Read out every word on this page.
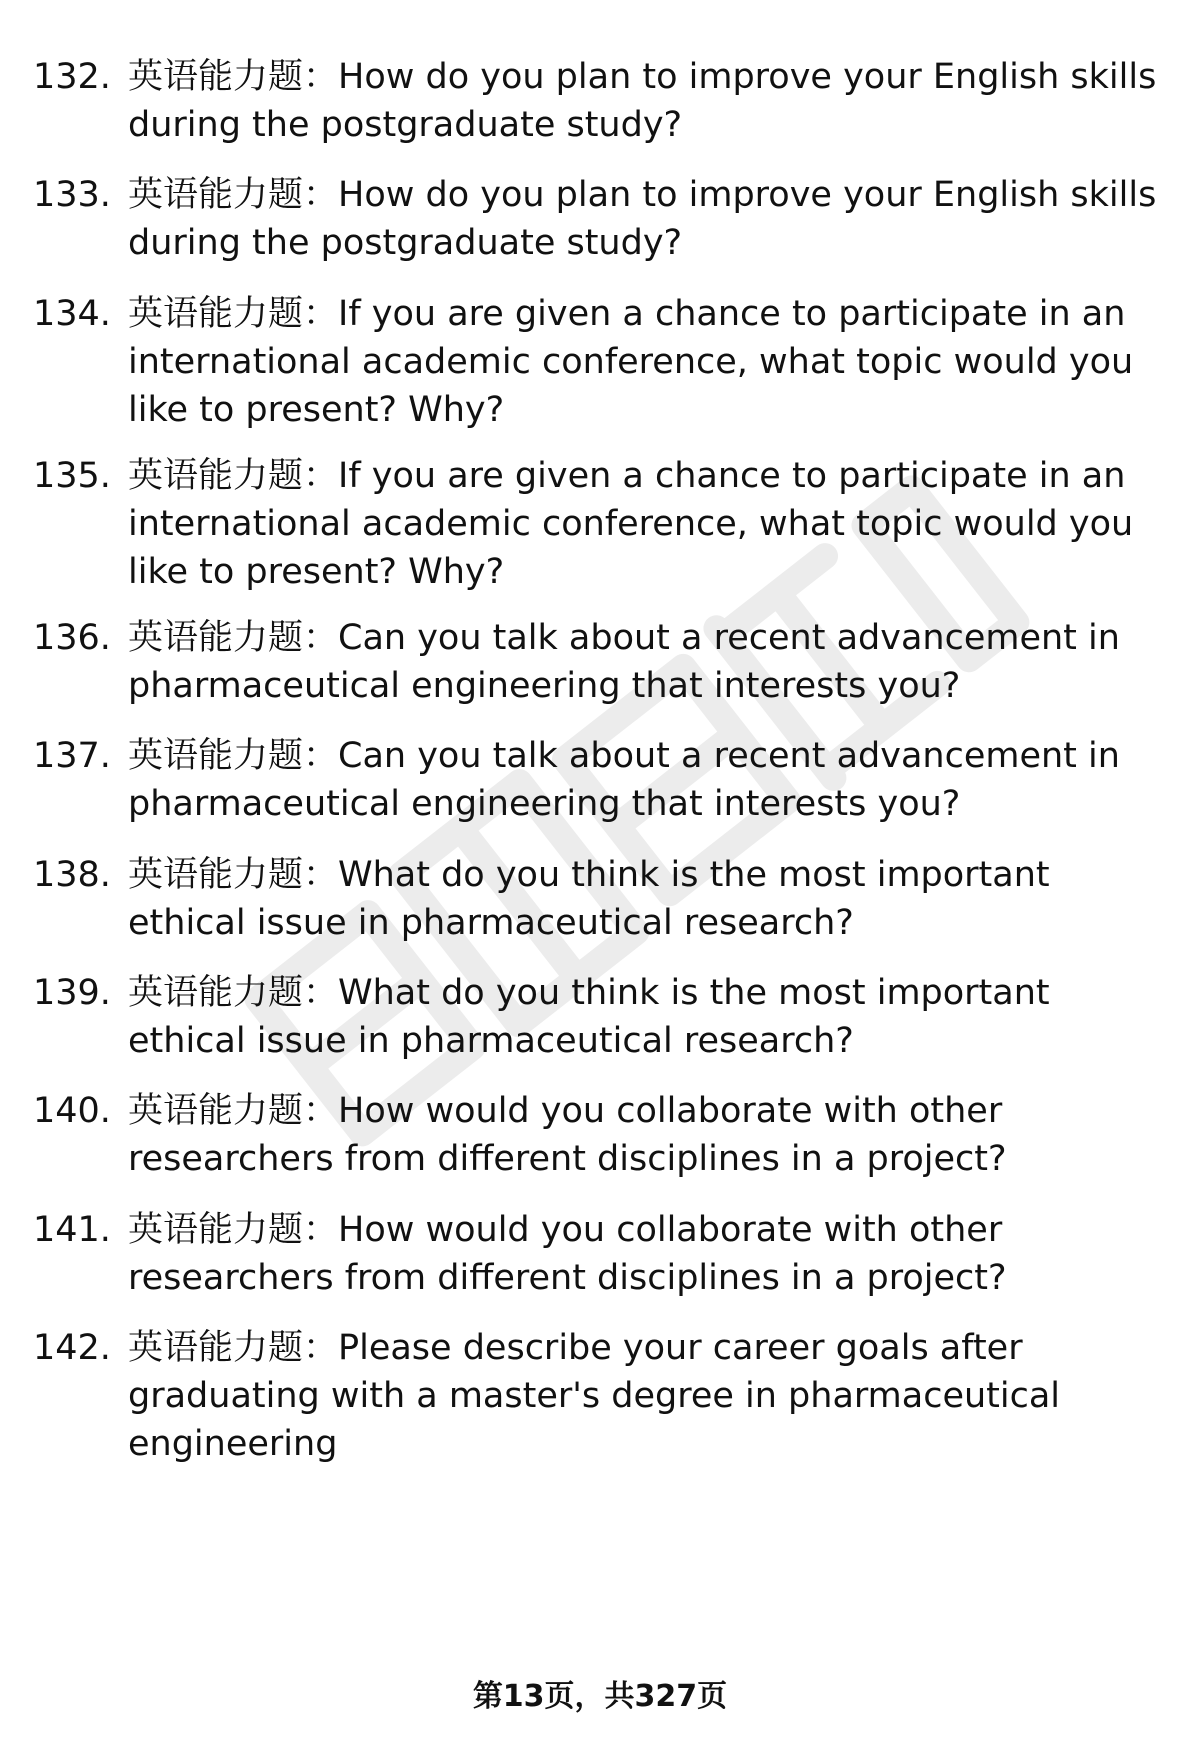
132. 英语能力题：How do you plan to improve your English skills
during the postgraduate study?
133. 英语能力题：How do you plan to improve your English skills
during the postgraduate study?
134. 英语能力题：If you are given a chance to participate in an
international academic conference, what topic would you
like to present? Why?
135. 英语能力题：If you are given a chance to participate in an
international academic conference, what topic would you
like to present? Why?
136. 英语能力题：Can you talk about a recent advancement in
pharmaceutical engineering that interests you?
137. 英语能力题：Can you talk about a recent advancement in
pharmaceutical engineering that interests you?
138. 英语能力题：What do you think is the most important
ethical issue in pharmaceutical research?
139. 英语能力题：What do you think is the most important
ethical issue in pharmaceutical research?
140. 英语能力题：How would you collaborate with other
researchers from different disciplines in a project?
141. 英语能力题：How would you collaborate with other
researchers from different disciplines in a project?
142. 英语能力题：Please describe your career goals after
graduating with a master's degree in pharmaceutical
engineering
第13页，共327页
